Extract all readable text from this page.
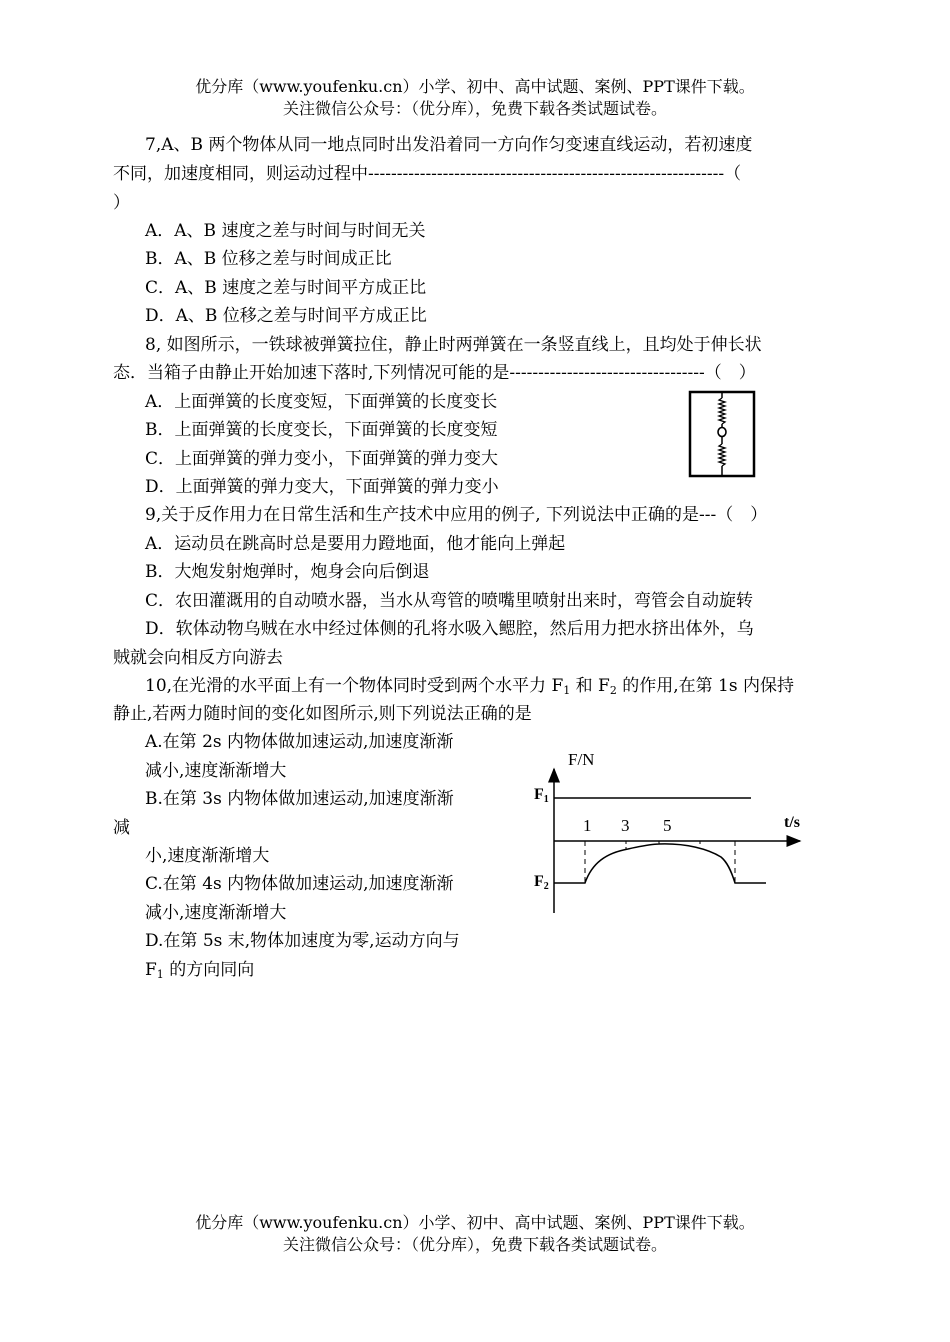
优分库（www.youfenku.cn）小学、初中、高中试题、案例、PPT课件下载。
关注微信公众号：（优分库），免费下载各类试题试卷。
7,A、B 两个物体从同一地点同时出发沿着同一方向作匀变速直线运动，若初速度
不同，加速度相同，则运动过程中--------------------------------------------------------------（
）
A．A、B 速度之差与时间与时间无关
B．A、B 位移之差与时间成正比
C．A、B 速度之差与时间平方成正比
D．A、B 位移之差与时间平方成正比
8, 如图所示，一铁球被弹簧拉住，静止时两弹簧在一条竖直线上，且均处于伸长状
态．当箱子由静止开始加速下落时,下列情况可能的是----------------------------------（　）
A．上面弹簧的长度变短，下面弹簧的长度变长
B．上面弹簧的长度变长，下面弹簧的长度变短
C．上面弹簧的弹力变小，下面弹簧的弹力变大
D．上面弹簧的弹力变大，下面弹簧的弹力变小
9,关于反作用力在日常生活和生产技术中应用的例子, 下列说法中正确的是---（　）
A．运动员在跳高时总是要用力蹬地面，他才能向上弹起
B．大炮发射炮弹时，炮身会向后倒退
C．农田灌溉用的自动喷水器，当水从弯管的喷嘴里喷射出来时，弯管会自动旋转
D．软体动物乌贼在水中经过体侧的孔将水吸入鳃腔，然后用力把水挤出体外，乌
贼就会向相反方向游去
10,在光滑的水平面上有一个物体同时受到两个水平力 $F_1$ 和 $F_2$ 的作用,在第 1s 内保持
静止,若两力随时间的变化如图所示,则下列说法正确的是
A.在第 2s 内物体做加速运动,加速度渐渐
减小,速度渐渐增大
B.在第 3s 内物体做加速运动,加速度渐渐
减
小,速度渐渐增大
C.在第 4s 内物体做加速运动,加速度渐渐
减小,速度渐渐增大
D.在第 5s 末,物体加速度为零,运动方向与
$F_1$ 的方向同向
F/N
t/s
F1
F2
1 3 5
优分库（www.youfenku.cn）小学、初中、高中试题、案例、PPT课件下载。
关注微信公众号：（优分库），免费下载各类试题试卷。
